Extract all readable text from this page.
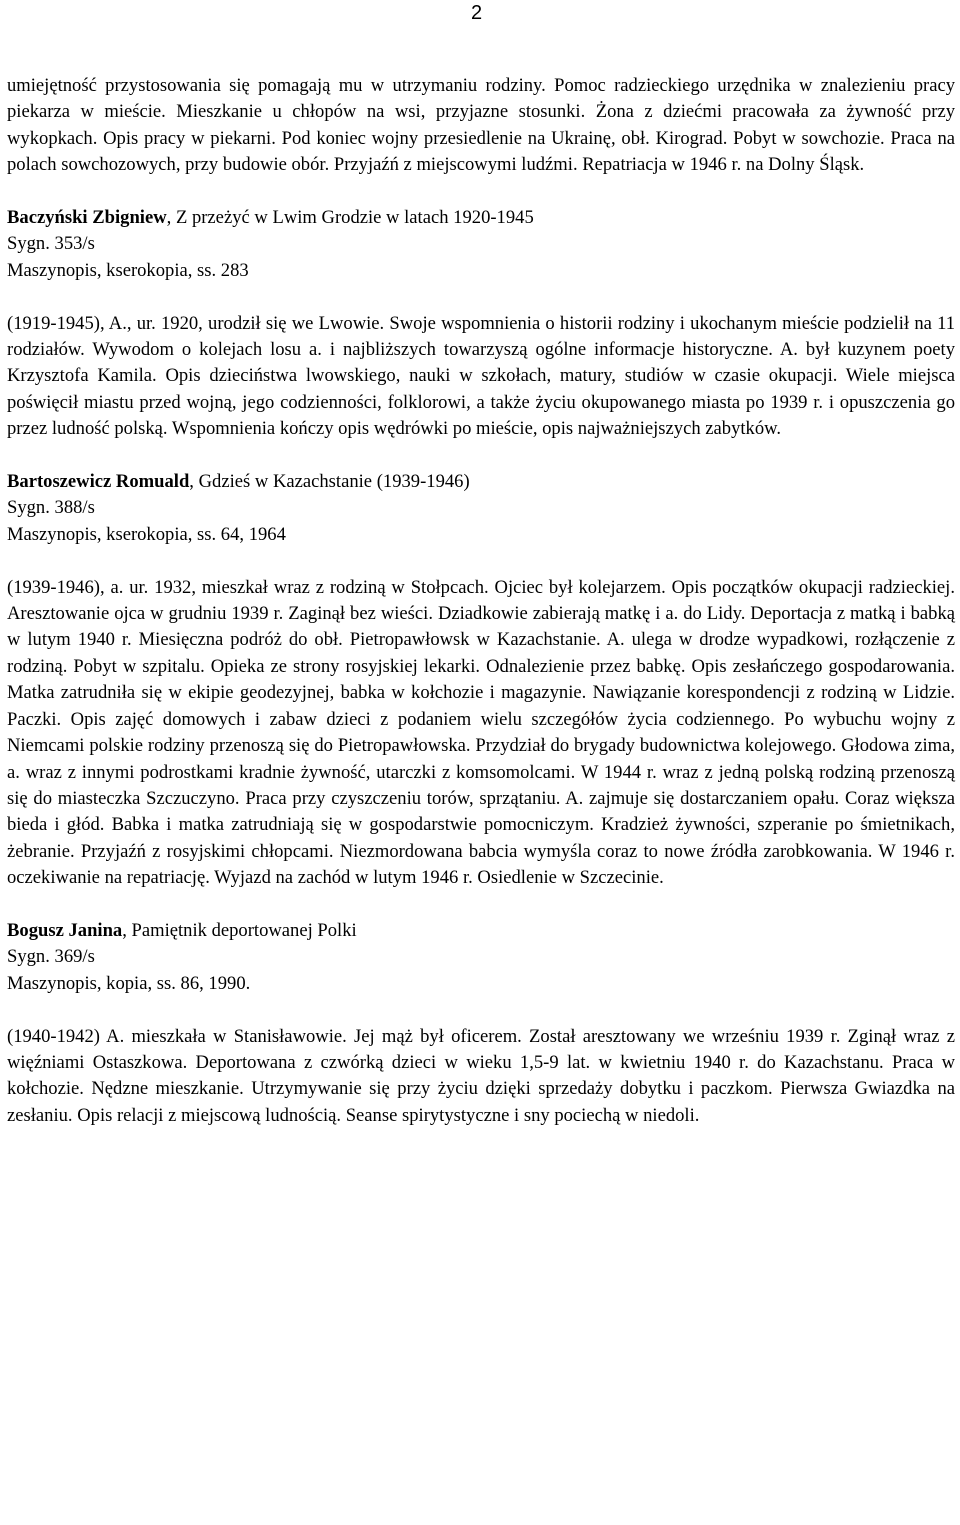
2

umiejętność przystosowania się pomagają mu w utrzymaniu rodziny. Pomoc radzieckiego urzędnika w znalezieniu pracy piekarza w mieście. Mieszkanie u chłopów na wsi, przyjazne stosunki. Żona z dziećmi pracowała za żywność przy wykopkach. Opis pracy w piekarni. Pod koniec wojny przesiedlenie na Ukrainę, obł. Kirograd. Pobyt w sowchozie. Praca na polach sowchozowych, przy budowie obór. Przyjaźń z miejscowymi ludźmi. Repatriacja w 1946 r. na Dolny Śląsk.

Baczyński Zbigniew, Z przeżyć w Lwim Grodzie w latach 1920-1945

Sygn. 353/s

Maszynopis, kserokopia, ss. 283

(1919-1945), A., ur. 1920, urodził się we Lwowie. Swoje wspomnienia o historii rodziny i ukochanym mieście podzielił na 11 rodziałów. Wywodom o kolejach losu a. i najbliższych towarzyszą ogólne informacje historyczne. A. był kuzynem poety Krzysztofa Kamila. Opis dzieciństwa lwowskiego, nauki w szkołach, matury, studiów w czasie okupacji. Wiele miejsca poświęcił miastu przed wojną, jego codzienności, folklorowi, a także życiu okupowanego miasta po 1939 r. i opuszczenia go przez ludność polską. Wspomnienia kończy opis wędrówki po mieście, opis najważniejszych zabytków.

Bartoszewicz Romuald, Gdzieś w Kazachstanie (1939-1946)

Sygn. 388/s

Maszynopis, kserokopia, ss. 64, 1964

(1939-1946), a. ur. 1932, mieszkał wraz z rodziną w Stołpcach. Ojciec był kolejarzem. Opis początków okupacji radzieckiej. Aresztowanie ojca w grudniu 1939 r. Zaginął bez wieści. Dziadkowie zabierają matkę i a. do Lidy. Deportacja z matką i babką w lutym 1940 r. Miesięczna podróż do obł. Pietropawłowsk w Kazachstanie. A. ulega w drodze wypadkowi, rozłączenie z rodziną. Pobyt w szpitalu. Opieka ze strony rosyjskiej lekarki. Odnalezienie przez babkę. Opis zesłańczego gospodarowania. Matka zatrudniła się w ekipie geodezyjnej, babka w kołchozie i magazynie. Nawiązanie korespondencji z rodziną w Lidzie. Paczki. Opis zajęć domowych i zabaw dzieci z podaniem wielu szczegółów życia codziennego. Po wybuchu wojny z Niemcami polskie rodziny przenoszą się do Pietropawłowska. Przydział do brygady budownictwa kolejowego. Głodowa zima, a. wraz z innymi podrostkami kradnie żywność, utarczki z komsomolcami. W 1944 r. wraz z jedną polską rodziną przenoszą się do miasteczka Szczuczyno. Praca przy czyszczeniu torów, sprzątaniu. A. zajmuje się dostarczaniem opału. Coraz większa bieda i głód. Babka i matka zatrudniają się w gospodarstwie pomocniczym. Kradzież żywności, szperanie po śmietnikach, żebranie. Przyjaźń z rosyjskimi chłopcami. Niezmordowana babcia wymyśla coraz to nowe źródła zarobkowania. W 1946 r. oczekiwanie na repatriację. Wyjazd na zachód w lutym 1946 r. Osiedlenie w Szczecinie.

Bogusz Janina, Pamiętnik deportowanej Polki

Sygn. 369/s

Maszynopis, kopia, ss. 86, 1990.

(1940-1942) A. mieszkała w Stanisławowie. Jej mąż był oficerem. Został aresztowany we wrześniu 1939 r. Zginął wraz z więźniami Ostaszkowa. Deportowana z czwórką dzieci w wieku 1,5-9 lat. w kwietniu 1940 r. do Kazachstanu. Praca w kołchozie. Nędzne mieszkanie. Utrzymywanie się przy życiu dzięki sprzedaży dobytku i paczkom. Pierwsza Gwiazdka na zesłaniu. Opis relacji z miejscową ludnością. Seanse spirytystyczne i sny pociechą w niedoli.
